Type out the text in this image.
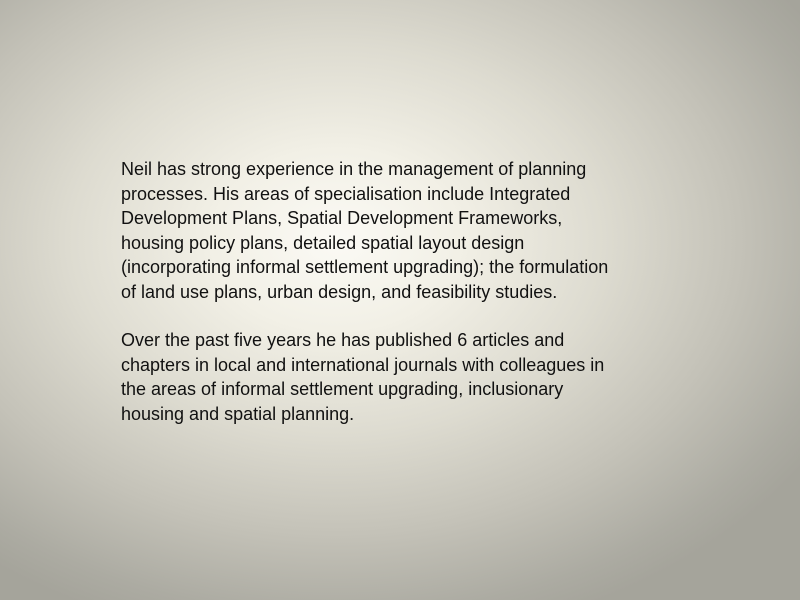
Neil has strong experience in the management of planning
processes. His areas of specialisation include Integrated
Development Plans, Spatial Development Frameworks,
housing policy plans, detailed spatial layout design
(incorporating informal settlement upgrading); the formulation
of land use plans, urban design, and feasibility studies.

Over the past five years he has published 6 articles and
chapters in local and international journals with colleagues in
the areas of informal settlement upgrading, inclusionary
housing and spatial planning.
